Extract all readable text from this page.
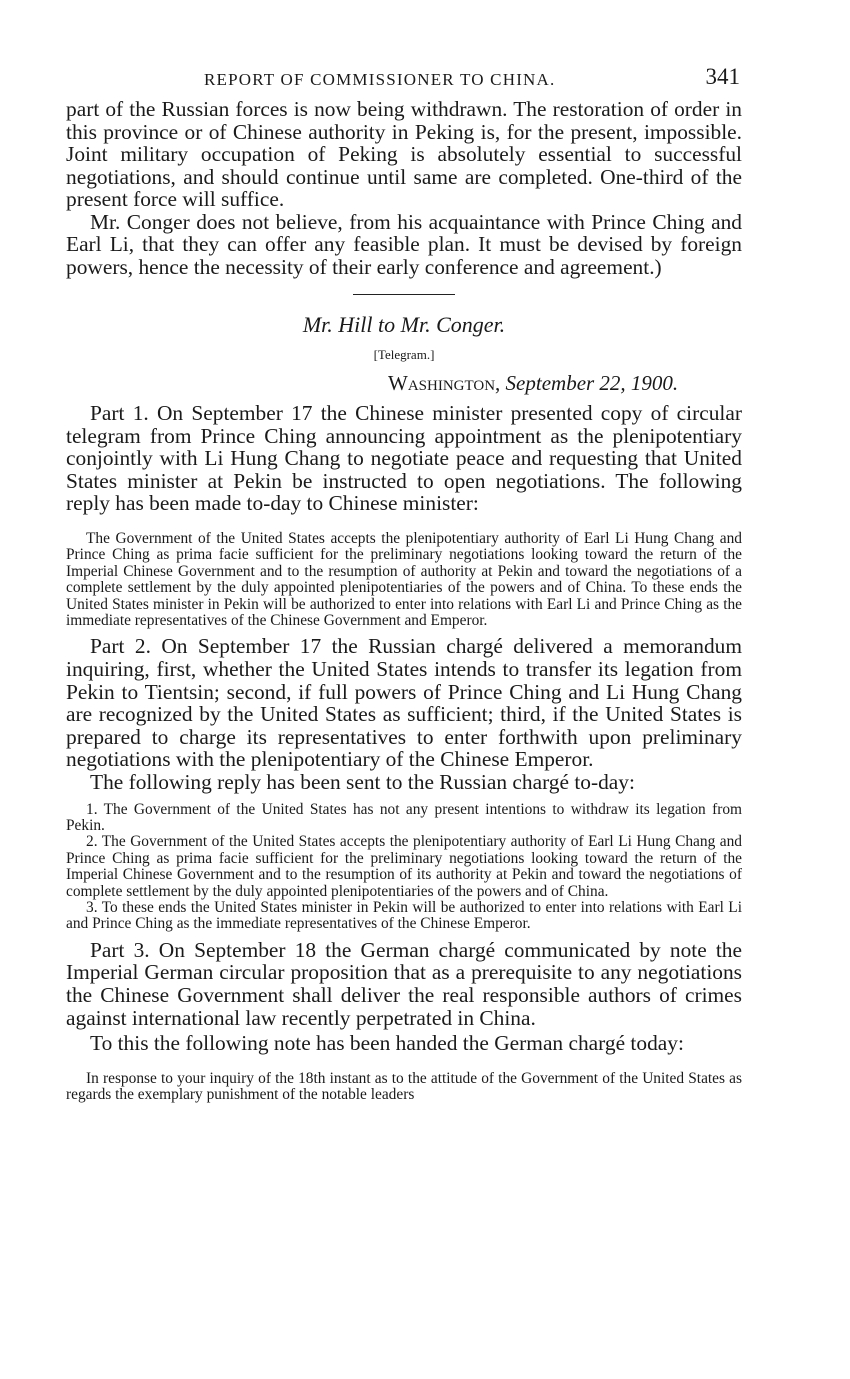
REPORT OF COMMISSIONER TO CHINA.	341

part of the Russian forces is now being withdrawn. The restoration of order in this province or of Chinese authority in Peking is, for the present, impossible. Joint military occupation of Peking is absolutely essential to successful negotiations, and should continue until same are completed. One-third of the present force will suffice.

Mr. Conger does not believe, from his acquaintance with Prince Ching and Earl Li, that they can offer any feasible plan. It must be devised by foreign powers, hence the necessity of their early conference and agreement.)

Mr. Hill to Mr. Conger.

[Telegram.]

Washington, September 22, 1900.

Part 1. On September 17 the Chinese minister presented copy of circular telegram from Prince Ching announcing appointment as the plenipotentiary conjointly with Li Hung Chang to negotiate peace and requesting that United States minister at Pekin be instructed to open negotiations. The following reply has been made to-day to Chinese minister:

The Government of the United States accepts the plenipotentiary authority of Earl Li Hung Chang and Prince Ching as prima facie sufficient for the preliminary negotiations looking toward the return of the Imperial Chinese Government and to the resumption of authority at Pekin and toward the negotiations of a complete settlement by the duly appointed plenipotentiaries of the powers and of China. To these ends the United States minister in Pekin will be authorized to enter into relations with Earl Li and Prince Ching as the immediate representatives of the Chinese Government and Emperor.

Part 2. On September 17 the Russian chargé delivered a memorandum inquiring, first, whether the United States intends to transfer its legation from Pekin to Tientsin; second, if full powers of Prince Ching and Li Hung Chang are recognized by the United States as sufficient; third, if the United States is prepared to charge its representatives to enter forthwith upon preliminary negotiations with the plenipotentiary of the Chinese Emperor.

The following reply has been sent to the Russian chargé to-day:

1. The Government of the United States has not any present intentions to withdraw its legation from Pekin.

2. The Government of the United States accepts the plenipotentiary authority of Earl Li Hung Chang and Prince Ching as prima facie sufficient for the preliminary negotiations looking toward the return of the Imperial Chinese Government and to the resumption of its authority at Pekin and toward the negotiations of complete settlement by the duly appointed plenipotentiaries of the powers and of China.

3. To these ends the United States minister in Pekin will be authorized to enter into relations with Earl Li and Prince Ching as the immediate representatives of the Chinese Emperor.

Part 3. On September 18 the German chargé communicated by note the Imperial German circular proposition that as a prerequisite to any negotiations the Chinese Government shall deliver the real responsible authors of crimes against international law recently perpetrated in China.

To this the following note has been handed the German chargé today:

In response to your inquiry of the 18th instant as to the attitude of the Government of the United States as regards the exemplary punishment of the notable leaders
